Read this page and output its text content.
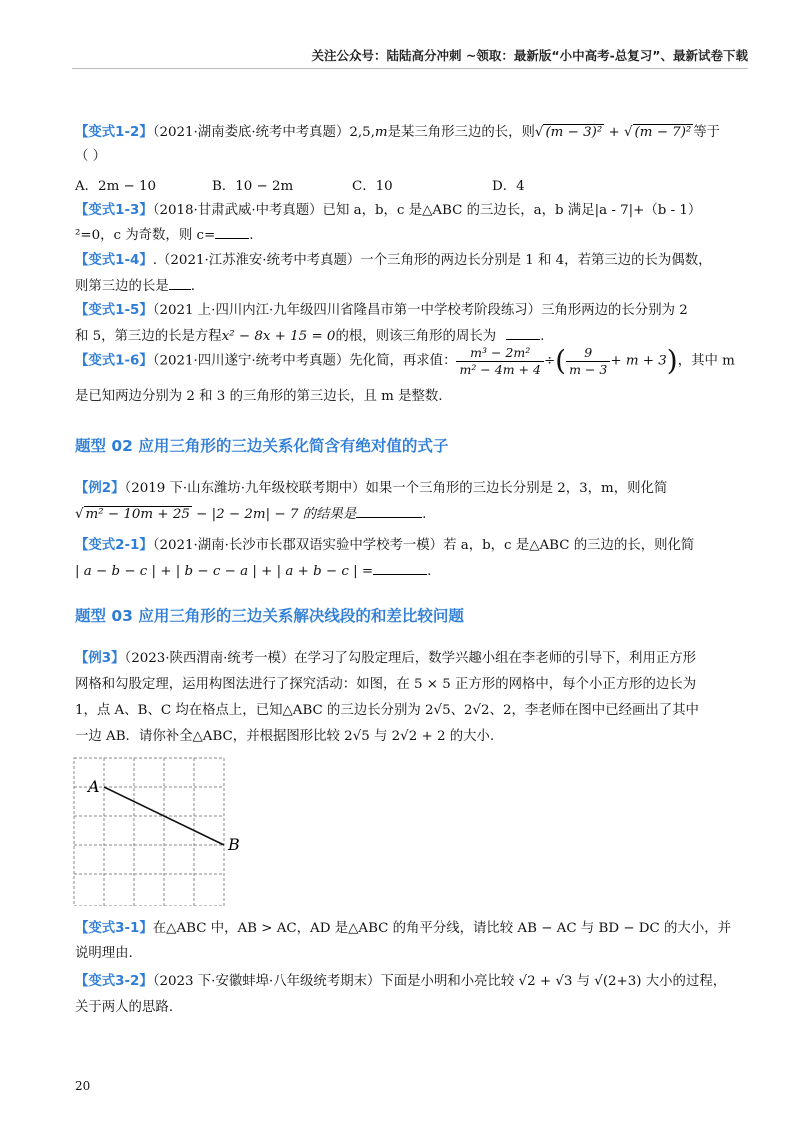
关注公众号：陆陆高分冲刺 ~领取：最新版“小中高考-总复习”、最新试卷下载
【变式1-2】（2021·湖南娄底·统考中考真题）2,5,m是某三角形三边的长，则√ (m − 3)² + √ (m − 7)² 等于
（ ）
A．2m − 10	B．10 − 2m	C．10	D．4
【变式1-3】（2018·甘肃武威·中考真题）已知 a，b，c 是△ABC 的三边长，a，b 满足|a - 7|+（b - 1）
²=0，c 为奇数，则 c=	.
【变式1-4】.（2021·江苏淮安·统考中考真题）一个三角形的两边长分别是 1 和 4，若第三边的长为偶数，
则第三边的长是 .
【变式1-5】（2021 上·四川内江·九年级四川省隆昌市第一中学校考阶段练习）三角形两边的长分别为 2
和 5，第三边的长是方程x² − 8x + 15 = 0的根，则该三角形的周长为	.
【变式1-6】（2021·四川遂宁·统考中考真题）先化简，再求值： $\frac{\text{m³ − 2m²}}{\text{m² − 4m + 4}}$ ÷( $\frac{9}{m - 3} + m + 3$)，其中 m
是已知两边分别为 2 和 3 的三角形的第三边长，且 m 是整数.
题型 02 应用三角形的三边关系化简含有绝对值的式子
【例2】（2019 下·山东潍坊·九年级校联考期中）如果一个三角形的三边长分别是 2，3，m，则化简
√ m² − 10m + 25 − |2 − 2m| − 7 的结果是	.
【变式2-1】（2021·湖南·长沙市长郡双语实验中学校考一模）若 a，b，c 是△ABC 的三边的长，则化简
| a − b − c | + | b − c − a | + | a + b − c | =	.
题型 03 应用三角形的三边关系解决线段的和差比较问题
【例3】（2023·陕西渭南·统考一模）在学习了勾股定理后，数学兴趣小组在李老师的引导下，利用正方形
网格和勾股定理，运用构图法进行了探究活动：如图，在 5 × 5 正方形的网格中，每个小正方形的边长为
1，点 A、B、C 均在格点上，已知△ABC 的三边长分别为 2√5、2√2、2，李老师在图中已经画出了其中
一边 AB．请你补全△ABC，并根据图形比较 2√5 与 2√2 + 2 的大小.
A
B
【变式3-1】在△ABC 中，AB > AC，AD 是△ABC 的角平分线，请比较 AB − AC 与 BD − DC 的大小，并
说明理由.
【变式3-2】（2023 下·安徽蚌埠·八年级统考期末）下面是小明和小亮比较 √2 + √3 与 √(2+3) 大小的过程，
关于两人的思路.
20
